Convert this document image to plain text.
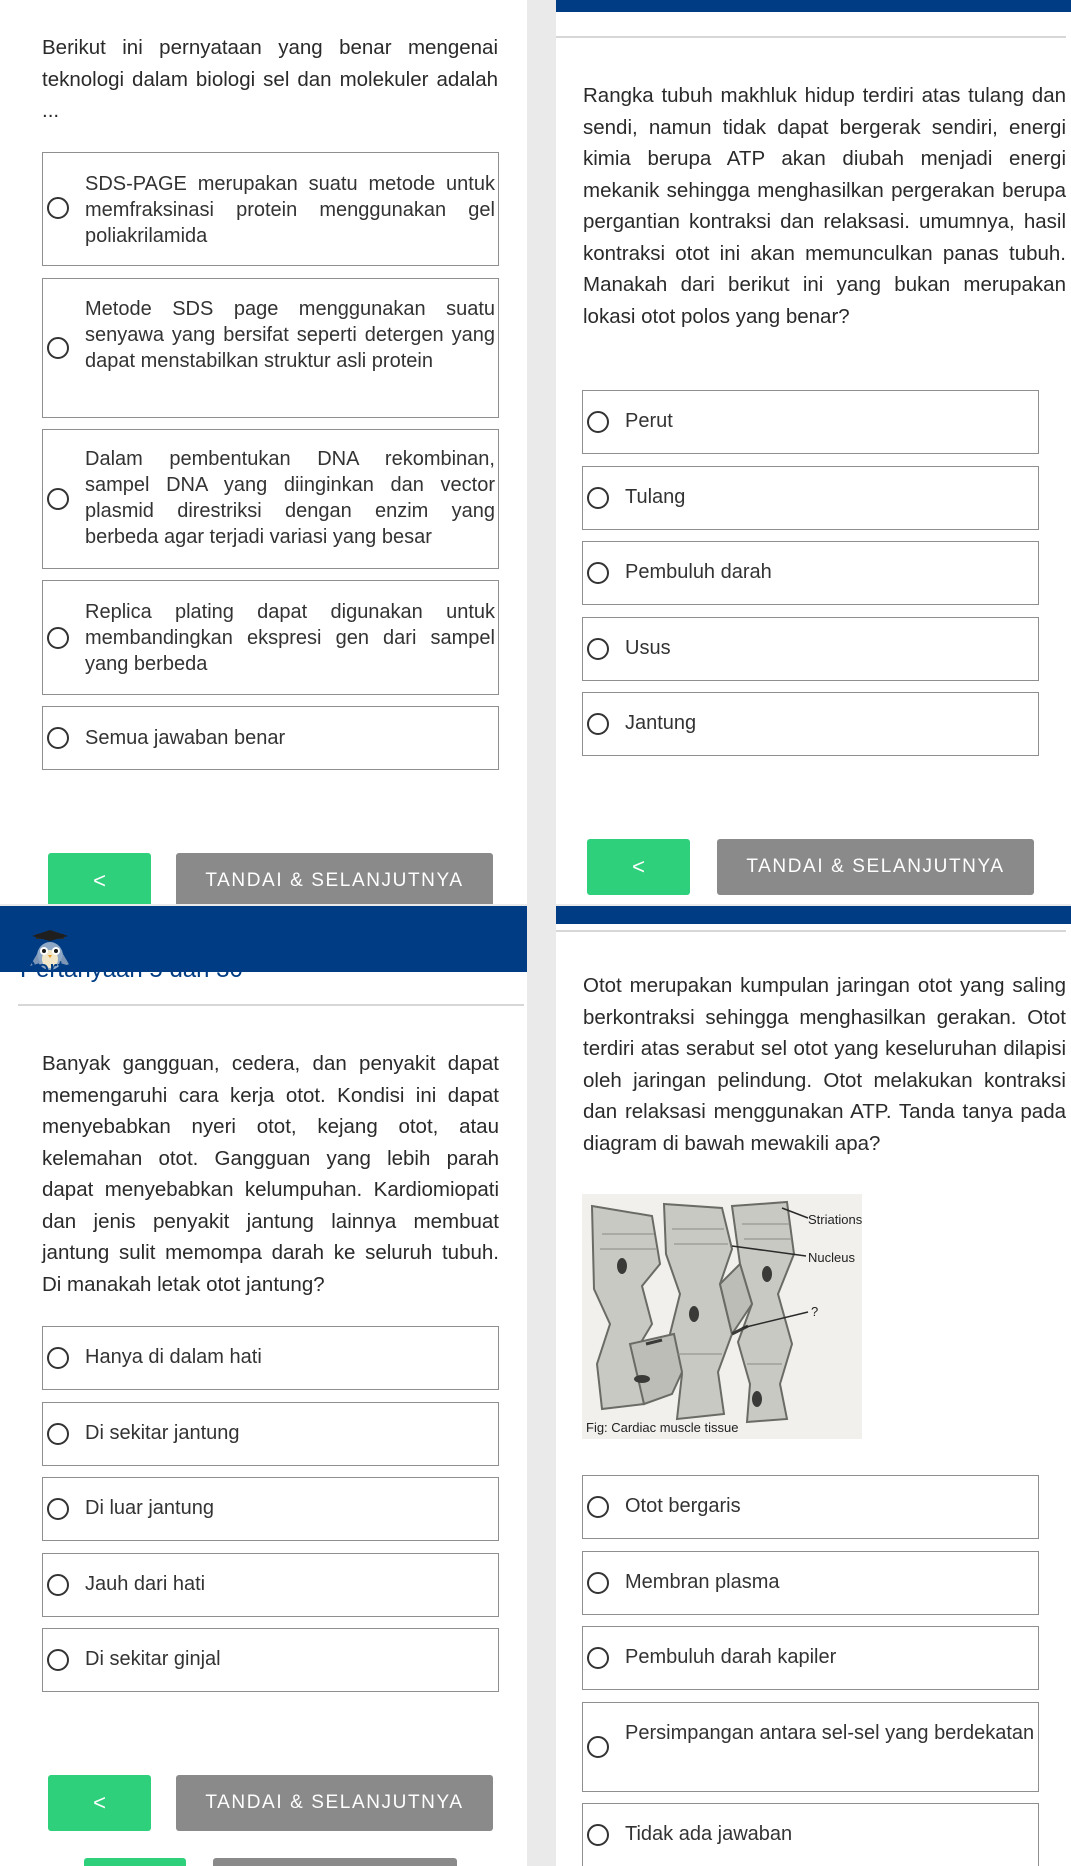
Berikut ini pernyataan yang benar mengenai teknologi dalam biologi sel dan molekuler adalah ...

SDS-PAGE merupakan suatu metode untuk memfraksinasi protein menggunakan gel poliakrilamida
Metode SDS page menggunakan suatu senyawa yang bersifat seperti detergen yang dapat menstabilkan struktur asli protein
Dalam pembentukan DNA rekombinan, sampel DNA yang diinginkan dan vector plasmid direstriksi dengan enzim yang berbeda agar terjadi variasi yang besar
Replica plating dapat digunakan untuk membandingkan ekspresi gen dari sampel yang berbeda
Semua jawaban benar
<	TANDAI & SELANJUTNYA

Rangka tubuh makhluk hidup terdiri atas tulang dan sendi, namun tidak dapat bergerak sendiri, energi kimia berupa ATP akan diubah menjadi energi mekanik sehingga menghasilkan pergerakan berupa pergantian kontraksi dan relaksasi. umumnya, hasil kontraksi otot ini akan memunculkan panas tubuh. Manakah dari berikut ini yang bukan merupakan lokasi otot polos yang benar?

Perut
Tulang
Pembuluh darah
Usus
Jantung
<	TANDAI & SELANJUTNYA
Pertanyaan 5 dari 30

Banyak gangguan, cedera, dan penyakit dapat memengaruhi cara kerja otot. Kondisi ini dapat menyebabkan nyeri otot, kejang otot, atau kelemahan otot. Gangguan yang lebih parah dapat menyebabkan kelumpuhan. Kardiomiopati dan jenis penyakit jantung lainnya membuat jantung sulit memompa darah ke seluruh tubuh. Di manakah letak otot jantung?

Hanya di dalam hati
Di sekitar jantung
Di luar jantung
Jauh dari hati
Di sekitar ginjal
<	TANDAI & SELANJUTNYA

Otot merupakan kumpulan jaringan otot yang saling berkontraksi sehingga menghasilkan gerakan. Otot terdiri atas serabut sel otot yang keseluruhan dilapisi oleh jaringan pelindung. Otot melakukan kontraksi dan relaksasi menggunakan ATP. Tanda tanya pada diagram di bawah mewakili apa?

Striations
Nucleus
?
Fig: Cardiac muscle tissue
Otot bergaris
Membran plasma
Pembuluh darah kapiler
Persimpangan antara sel-sel yang berdekatan
Tidak ada jawaban
